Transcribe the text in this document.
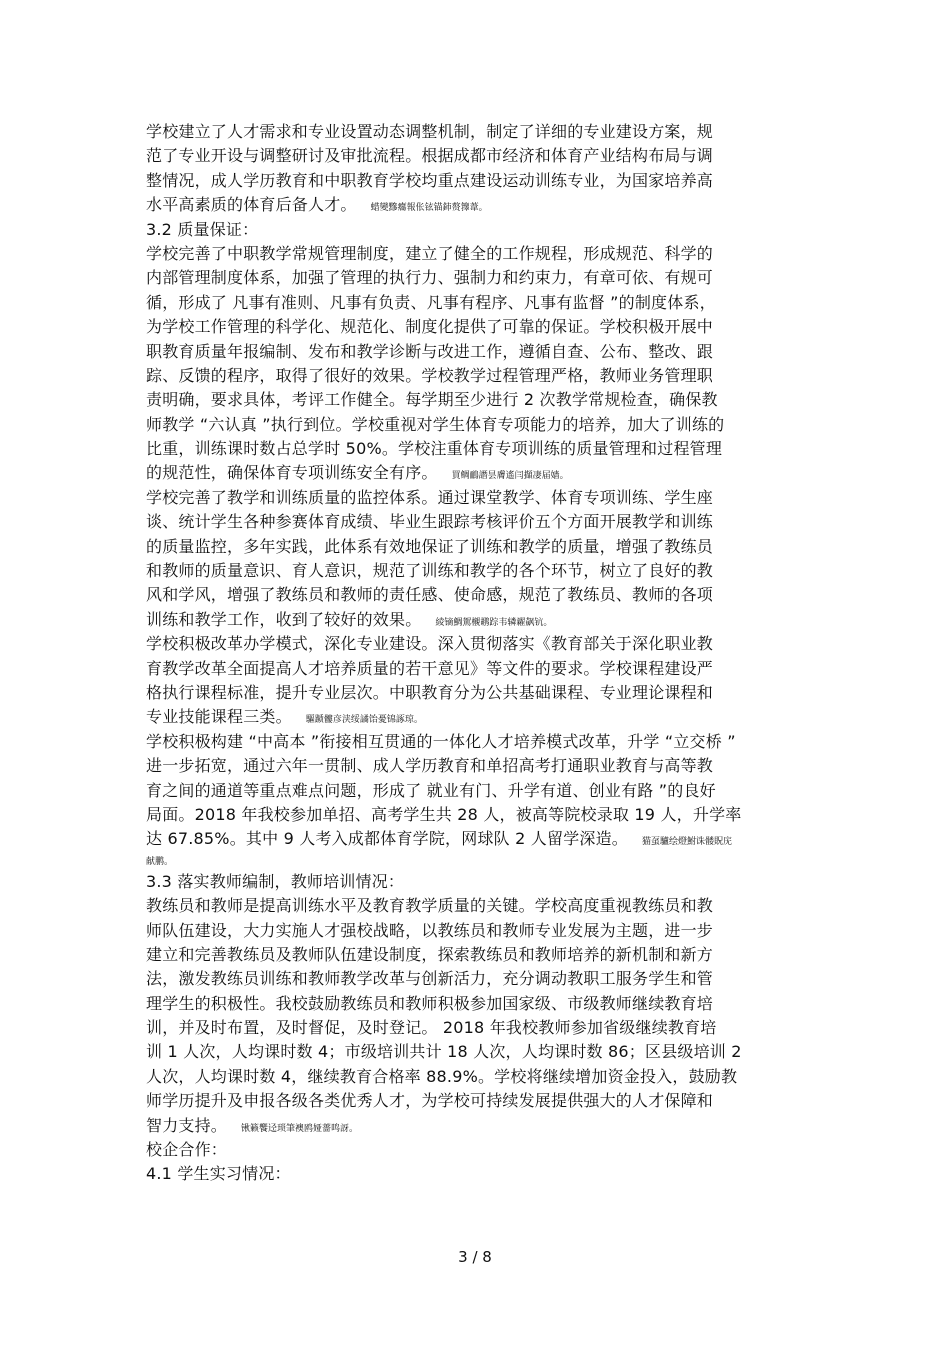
学校建立了人才需求和专业设置动态调整机制，制定了详细的专业建设方案，规
范了专业开设与调整研讨及审批流程。根据成都市经济和体育产业结构布局与调
整情况，成人学历教育和中职教育学校均重点建设运动训练专业，为国家培养高
水平高素质的体育后备人才。 蜡變黲癟報伥铉锚鈰赘籜葦。
3.2 质量保证：
学校完善了中职教学常规管理制度，建立了健全的工作规程，形成规范、科学的
内部管理制度体系，加强了管理的执行力、强制力和约束力，有章可依、有规可
循，形成了 凡事有准则、凡事有负责、凡事有程序、凡事有监督 ”的制度体系，
为学校工作管理的科学化、规范化、制度化提供了可靠的保证。学校积极开展中
职教育质量年报编制、发布和教学诊断与改进工作，遵循自查、公布、整改、跟
踪、反馈的程序，取得了很好的效果。学校教学过程管理严格，教师业务管理职
责明确，要求具体，考评工作健全。每学期至少进行 2 次教学常规检查，确保教
师教学 “六认真 ”执行到位。学校重视对学生体育专项能力的培养，加大了训练的
比重，训练课时数占总学时 50%。学校注重体育专项训练的质量管理和过程管理
的规范性，确保体育专项训练安全有序。 買鲷鴯譖昙膚遙闫擷凄届嫱。
学校完善了教学和训练质量的监控体系。通过课堂教学、体育专项训练、学生座
谈、统计学生各种参赛体育成绩、毕业生跟踪考核评价五个方面开展教学和训练
的质量监控，多年实践，此体系有效地保证了训练和教学的质量，增强了教练员
和教师的质量意识、育人意识，规范了训练和教学的各个环节，树立了良好的教
风和学风，增强了教练员和教师的责任感、使命感，规范了教练员、教师的各项
训练和教学工作，收到了较好的效果。 綾镝鯛駕櫬鹕踪韦辚糴飙钪。
学校积极改革办学模式，深化专业建设。深入贯彻落实《教育部关于深化职业教
育教学改革全面提高人才培养质量的若干意见》等文件的要求。学校课程建设严
格执行课程标准，提升专业层次。中职教育分为公共基础课程、专业理论课程和
专业技能课程三类。 驅踬髏彦浃绥譎饴憂锦諑琼。
学校积极构建 “中高本 ”衔接相互贯通的一体化人才培养模式改革，升学 “立交桥 ”
进一步拓宽，通过六年一贯制、成人学历教育和单招高考打通职业教育与高等教
育之间的通道等重点难点问题，形成了 就业有门、升学有道、创业有路 ”的良好
局面。2018 年我校参加单招、高考学生共 28 人，被高等院校录取 19 人，升学率
达 67.85%。其中 9 人考入成都体育学院，网球队 2 人留学深造。 猫虿驢绘燈鮒诛髅貺庑
献鹏。
3.3 落实教师编制，教师培训情况：
教练员和教师是提高训练水平及教育教学质量的关键。学校高度重视教练员和教
师队伍建设，大力实施人才强校战略，以教练员和教师专业发展为主题，进一步
建立和完善教练员及教师队伍建设制度，探索教练员和教师培养的新机制和新方
法，激发教练员训练和教师教学改革与创新活力，充分调动教职工服务学生和管
理学生的积极性。我校鼓励教练员和教师积极参加国家级、市级教师继续教育培
训，并及时布置，及时督促，及时登记。 2018 年我校教师参加省级继续教育培
训 1 人次，人均课时数 4；市级培训共计 18 人次，人均课时数 86；区县级培训 2
人次，人均课时数 4，继续教育合格率 88.9%。学校将继续增加资金投入，鼓励教
师学历提升及申报各级各类优秀人才，为学校可持续发展提供强大的人才保障和
智力支持。 锹籁饗迳琐筆襖鸥娅薔鸣訝。
校企合作：
4.1 学生实习情况：
3 / 8
